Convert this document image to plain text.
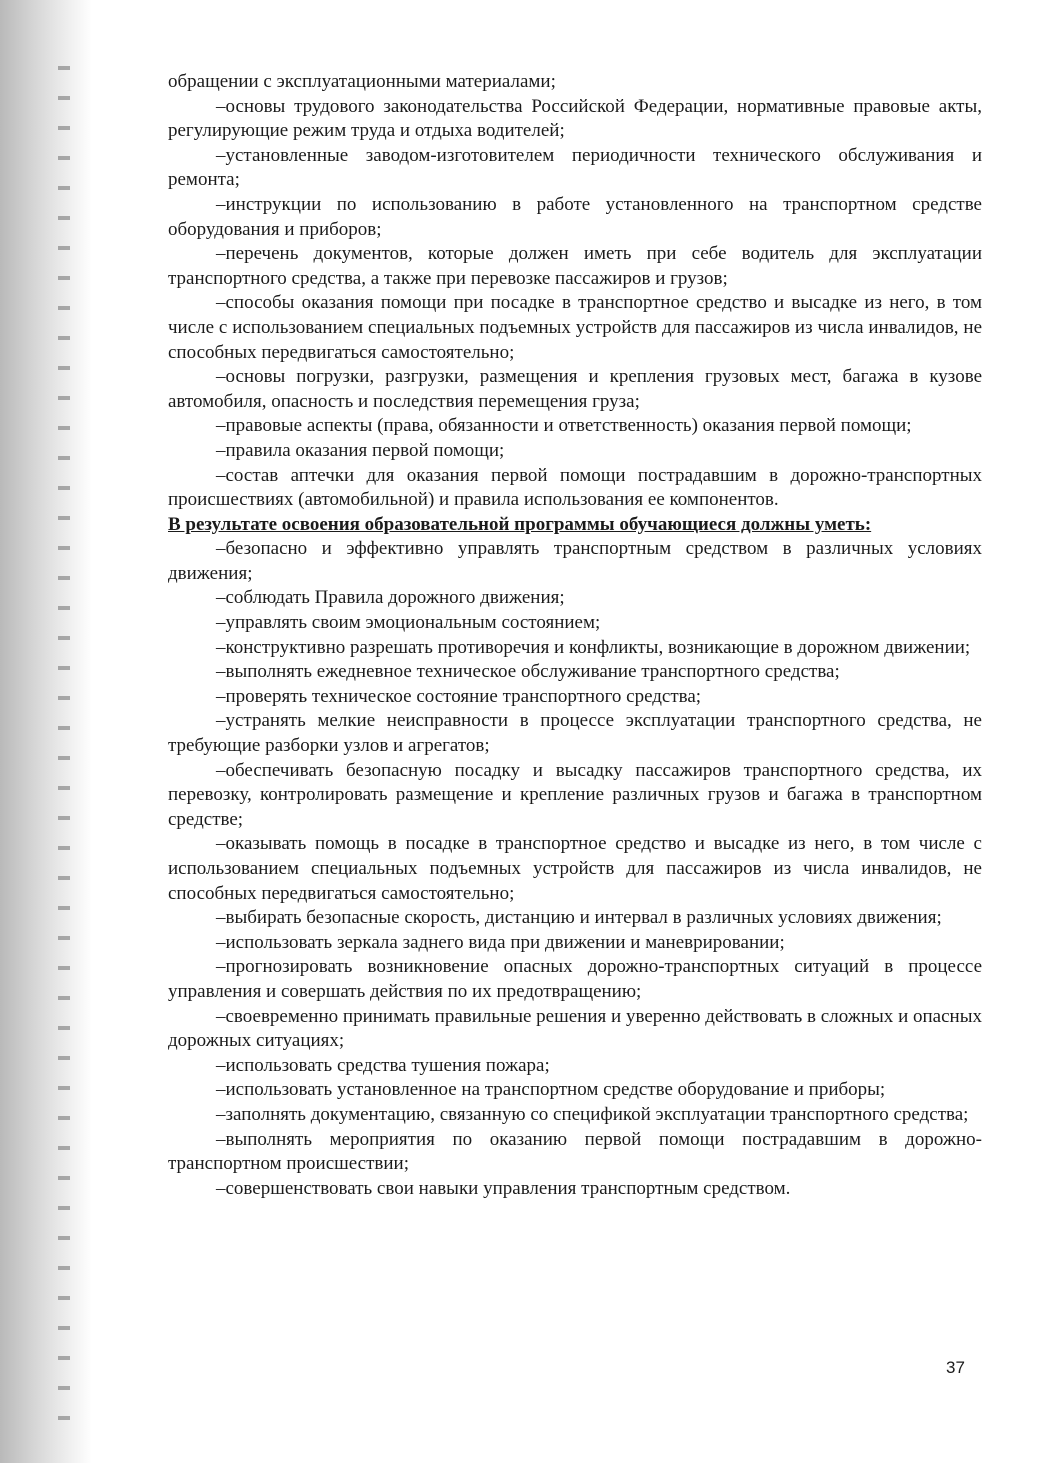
обращении с эксплуатационными материалами;

–основы трудового законодательства Российской Федерации, нормативные правовые акты, регулирующие режим труда и отдыха водителей;

–установленные заводом-изготовителем периодичности технического обслуживания и ремонта;

–инструкции по использованию в работе установленного на транспортном средстве оборудования и приборов;

–перечень документов, которые должен иметь при себе водитель для эксплуатации транспортного средства, а также при перевозке пассажиров и грузов;

–способы оказания помощи при посадке в транспортное средство и высадке из него, в том числе с использованием специальных подъемных устройств для пассажиров из числа инвалидов, не способных передвигаться самостоятельно;

–основы погрузки, разгрузки, размещения и крепления грузовых мест, багажа в кузове автомобиля, опасность и последствия перемещения груза;

–правовые аспекты (права, обязанности и ответственность) оказания первой помощи;

–правила оказания первой помощи;

–состав аптечки для оказания первой помощи пострадавшим в дорожно-транспортных происшествиях (автомобильной) и правила использования ее компонентов.

В результате освоения образовательной программы обучающиеся должны уметь:

–безопасно и эффективно управлять транспортным средством в различных условиях движения;

–соблюдать Правила дорожного движения;

–управлять своим эмоциональным состоянием;

–конструктивно разрешать противоречия и конфликты, возникающие в дорожном движении;

–выполнять ежедневное техническое обслуживание транспортного средства;

–проверять техническое состояние транспортного средства;

–устранять мелкие неисправности в процессе эксплуатации транспортного средства, не требующие разборки узлов и агрегатов;

–обеспечивать безопасную посадку и высадку пассажиров транспортного средства, их перевозку, контролировать размещение и крепление различных грузов и багажа в транспортном средстве;

–оказывать помощь в посадке в транспортное средство и высадке из него, в том числе с использованием специальных подъемных устройств для пассажиров из числа инвалидов, не способных передвигаться самостоятельно;

–выбирать безопасные скорость, дистанцию и интервал в различных условиях движения;

–использовать зеркала заднего вида при движении и маневрировании;

–прогнозировать возникновение опасных дорожно-транспортных ситуаций в процессе управления и совершать действия по их предотвращению;

–своевременно принимать правильные решения и уверенно действовать в сложных и опасных дорожных ситуациях;

–использовать средства тушения пожара;

–использовать установленное на транспортном средстве оборудование и приборы;

–заполнять документацию, связанную со спецификой эксплуатации транспортного средства;

–выполнять мероприятия по оказанию первой помощи пострадавшим в дорожно-транспортном происшествии;

–совершенствовать свои навыки управления транспортным средством.

37
